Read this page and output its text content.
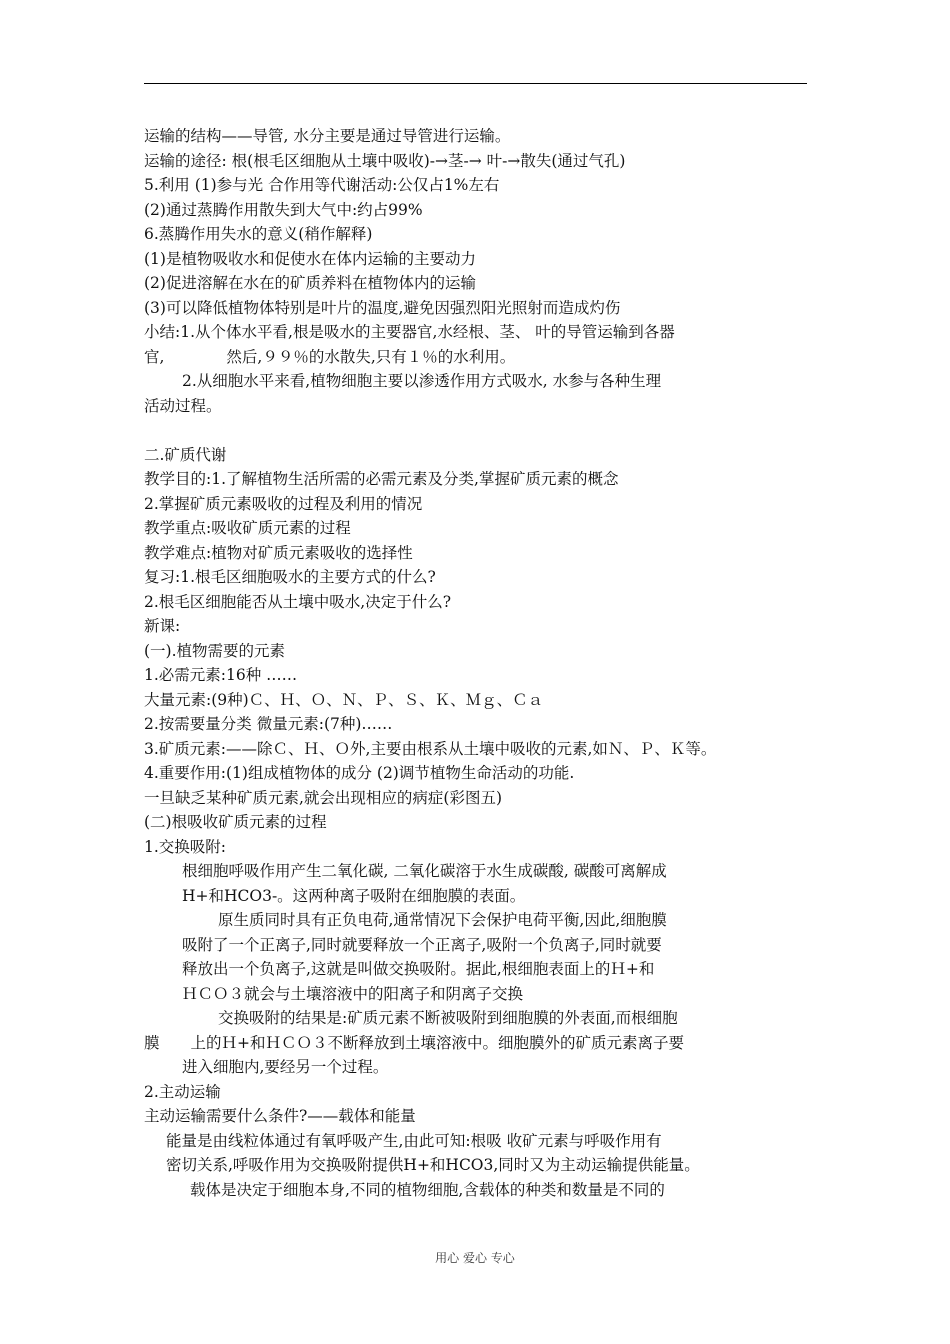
运输的结构——导管, 水分主要是通过导管进行运输。
运输的途径: 根(根毛区细胞从土壤中吸收)-→茎-→ 叶-→散失(通过气孔)
5.利用 (1)参与光 合作用等代谢活动:公仅占1%左右
(2)通过蒸腾作用散失到大气中:约占99%
6.蒸腾作用失水的意义(稍作解释)
(1)是植物吸收水和促使水在体内运输的主要动力
(2)促进溶解在水在的矿质养料在植物体内的运输
(3)可以降低植物体特别是叶片的温度,避免因强烈阳光照射而造成灼伤
小结:1.从个体水平看,根是吸水的主要器官,水经根、茎、 叶的导管运输到各器
官,　　　　然后,９９％的水散失,只有１％的水利用。
2.从细胞水平来看,植物细胞主要以渗透作用方式吸水, 水参与各种生理
活动过程。
二.矿质代谢
教学目的:1.了解植物生活所需的必需元素及分类,掌握矿质元素的概念
2.掌握矿质元素吸收的过程及利用的情况
教学重点:吸收矿质元素的过程
教学难点:植物对矿质元素吸收的选择性
复习:1.根毛区细胞吸水的主要方式的什么?
2.根毛区细胞能否从土壤中吸水,决定于什么?
新课:
(一).植物需要的元素
1.必需元素:16种 ……
大量元素:(9种)Ｃ、Ｈ、Ｏ、Ｎ、Ｐ、Ｓ、Ｋ、Ｍｇ、Ｃａ
2.按需要量分类 微量元素:(7种)……
3.矿质元素:——除Ｃ、Ｈ、Ｏ外,主要由根系从土壤中吸收的元素,如Ｎ、Ｐ、Ｋ等。
4.重要作用:(1)组成植物体的成分 (2)调节植物生命活动的功能.
一旦缺乏某种矿质元素,就会出现相应的病症(彩图五)
(二)根吸收矿质元素的过程
1.交换吸附:
根细胞呼吸作用产生二氧化碳, 二氧化碳溶于水生成碳酸, 碳酸可离解成
H+和HCO3-。这两种离子吸附在细胞膜的表面。
原生质同时具有正负电荷,通常情况下会保护电荷平衡,因此,细胞膜
吸附了一个正离子,同时就要释放一个正离子,吸附一个负离子,同时就要
释放出一个负离子,这就是叫做交换吸附。据此,根细胞表面上的Ｈ+和
ＨＣＯ３就会与土壤溶液中的阳离子和阴离子交换
交换吸附的结果是:矿质元素不断被吸附到细胞膜的外表面,而根细胞
膜　　上的Ｈ+和ＨＣＯ３不断释放到土壤溶液中。细胞膜外的矿质元素离子要
进入细胞内,要经另一个过程。
2.主动运输
主动运输需要什么条件?——载体和能量
能量是由线粒体通过有氧呼吸产生,由此可知:根吸 收矿元素与呼吸作用有
密切关系,呼吸作用为交换吸附提供H+和HCO3,同时又为主动运输提供能量。
载体是决定于细胞本身,不同的植物细胞,含载体的种类和数量是不同的
用心 爱心 专心
